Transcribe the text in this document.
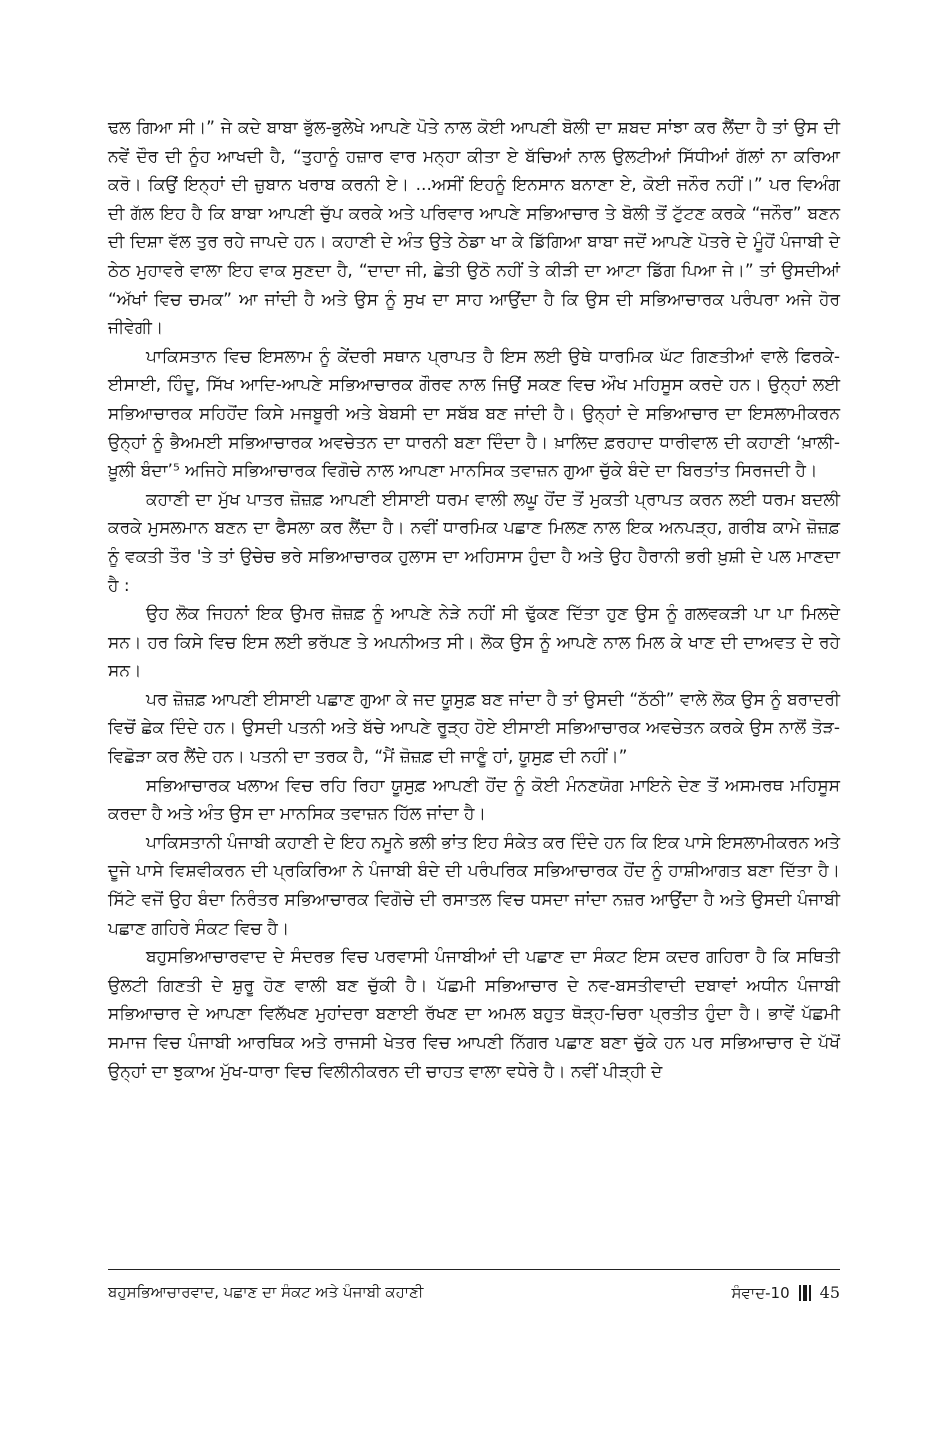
ਢਲ ਗਿਆ ਸੀ।” ਜੇ ਕਦੇ ਬਾਬਾ ਭੁੱਲ-ਭੁਲੇਖੇ ਆਪਣੇ ਪੋਤੇ ਨਾਲ ਕੋਈ ਆਪਣੀ ਬੋਲੀ ਦਾ ਸ਼ਬਦ ਸਾਂਝਾ ਕਰ ਲੈਂਦਾ ਹੈ ਤਾਂ ਉਸ ਦੀ ਨਵੇਂ ਦੌਰ ਦੀ ਨੂੰਹ ਆਖਦੀ ਹੈ, “ਤੁਹਾਨੂੰ ਹਜ਼ਾਰ ਵਾਰ ਮਨ੍ਹਾ ਕੀਤਾ ਏ ਬੱਚਿਆਂ ਨਾਲ ਉਲਟੀਆਂ ਸਿੱਧੀਆਂ ਗੱਲਾਂ ਨਾ ਕਰਿਆ ਕਰੋ। ਕਿਉਂ ਇਨ੍ਹਾਂ ਦੀ ਜ਼ੁਬਾਨ ਖਰਾਬ ਕਰਨੀ ਏ। ...ਅਸੀਂ ਇਹਨੂੰ ਇਨਸਾਨ ਬਨਾਣਾ ਏ, ਕੋਈ ਜਨੌਰ ਨਹੀਂ।” ਪਰ ਵਿਅੰਗ ਦੀ ਗੱਲ ਇਹ ਹੈ ਕਿ ਬਾਬਾ ਆਪਣੀ ਚੁੱਪ ਕਰਕੇ ਅਤੇ ਪਰਿਵਾਰ ਆਪਣੇ ਸਭਿਆਚਾਰ ਤੇ ਬੋਲੀ ਤੋਂ ਟੁੱਟਣ ਕਰਕੇ “ਜਨੌਰ” ਬਣਨ ਦੀ ਦਿਸ਼ਾ ਵੱਲ ਤੁਰ ਰਹੇ ਜਾਪਦੇ ਹਨ। ਕਹਾਣੀ ਦੇ ਅੰਤ ਉਤੇ ਠੇਡਾ ਖਾ ਕੇ ਡਿੱਗਿਆ ਬਾਬਾ ਜਦੋਂ ਆਪਣੇ ਪੋਤਰੇ ਦੇ ਮੂੰਹੋਂ ਪੰਜਾਬੀ ਦੇ ਠੇਠ ਮੁਹਾਵਰੇ ਵਾਲਾ ਇਹ ਵਾਕ ਸੁਣਦਾ ਹੈ, “ਦਾਦਾ ਜੀ, ਛੇਤੀ ਉਠੋ ਨਹੀਂ ਤੇ ਕੀੜੀ ਦਾ ਆਟਾ ਡਿੱਗ ਪਿਆ ਜੇ।” ਤਾਂ ਉਸਦੀਆਂ “ਅੱਖਾਂ ਵਿਚ ਚਮਕ” ਆ ਜਾਂਦੀ ਹੈ ਅਤੇ ਉਸ ਨੂੰ ਸੁਖ ਦਾ ਸਾਹ ਆਉਂਦਾ ਹੈ ਕਿ ਉਸ ਦੀ ਸਭਿਆਚਾਰਕ ਪਰੰਪਰਾ ਅਜੇ ਹੋਰ ਜੀਵੇਗੀ।

ਪਾਕਿਸਤਾਨ ਵਿਚ ਇਸਲਾਮ ਨੂੰ ਕੇਂਦਰੀ ਸਥਾਨ ਪ੍ਰਾਪਤ ਹੈ ਇਸ ਲਈ ਉਥੇ ਧਾਰਮਿਕ ਘੱਟ ਗਿਣਤੀਆਂ ਵਾਲੇ ਫਿਰਕੇ-ਈਸਾਈ, ਹਿੰਦੂ, ਸਿੱਖ ਆਦਿ-ਆਪਣੇ ਸਭਿਆਚਾਰਕ ਗੌਰਵ ਨਾਲ ਜਿਉਂ ਸਕਣ ਵਿਚ ਔਖ ਮਹਿਸੂਸ ਕਰਦੇ ਹਨ। ਉਨ੍ਹਾਂ ਲਈ ਸਭਿਆਚਾਰਕ ਸਹਿਹੋਂਦ ਕਿਸੇ ਮਜਬੂਰੀ ਅਤੇ ਬੇਬਸੀ ਦਾ ਸਬੱਬ ਬਣ ਜਾਂਦੀ ਹੈ। ਉਨ੍ਹਾਂ ਦੇ ਸਭਿਆਚਾਰ ਦਾ ਇਸਲਾਮੀਕਰਨ ਉਨ੍ਹਾਂ ਨੂੰ ਭੈਅਮਈ ਸਭਿਆਚਾਰਕ ਅਵਚੇਤਨ ਦਾ ਧਾਰਨੀ ਬਣਾ ਦਿੰਦਾ ਹੈ। ਖ਼ਾਲਿਦ ਫ਼ਰਹਾਦ ਧਾਰੀਵਾਲ ਦੀ ਕਹਾਣੀ ‘ਖ਼ਾਲੀ-ਖ਼ੂਲੀ ਬੰਦਾ’⁵ ਅਜਿਹੇ ਸਭਿਆਚਾਰਕ ਵਿਗੋਚੇ ਨਾਲ ਆਪਣਾ ਮਾਨਸਿਕ ਤਵਾਜ਼ਨ ਗੁਆ ਚੁੱਕੇ ਬੰਦੇ ਦਾ ਬਿਰਤਾਂਤ ਸਿਰਜਦੀ ਹੈ।

ਕਹਾਣੀ ਦਾ ਮੁੱਖ ਪਾਤਰ ਜ਼ੋਜ਼ਫ਼ ਆਪਣੀ ਈਸਾਈ ਧਰਮ ਵਾਲੀ ਲਘੂ ਹੋਂਦ ਤੋਂ ਮੁਕਤੀ ਪ੍ਰਾਪਤ ਕਰਨ ਲਈ ਧਰਮ ਬਦਲੀ ਕਰਕੇ ਮੁਸਲਮਾਨ ਬਣਨ ਦਾ ਫੈਸਲਾ ਕਰ ਲੈਂਦਾ ਹੈ। ਨਵੀਂ ਧਾਰਮਿਕ ਪਛਾਣ ਮਿਲਣ ਨਾਲ ਇਕ ਅਨਪੜ੍ਹ, ਗਰੀਬ ਕਾਮੇ ਜ਼ੋਜ਼ਫ਼ ਨੂੰ ਵਕਤੀ ਤੌਰ 'ਤੇ ਤਾਂ ਉਚੇਚ ਭਰੇ ਸਭਿਆਚਾਰਕ ਹੁਲਾਸ ਦਾ ਅਹਿਸਾਸ ਹੁੰਦਾ ਹੈ ਅਤੇ ਉਹ ਹੈਰਾਨੀ ਭਰੀ ਖ਼ੁਸ਼ੀ ਦੇ ਪਲ ਮਾਣਦਾ ਹੈ :

ਉਹ ਲੋਕ ਜਿਹਨਾਂ ਇਕ ਉਮਰ ਜ਼ੋਜ਼ਫ਼ ਨੂੰ ਆਪਣੇ ਨੇੜੇ ਨਹੀਂ ਸੀ ਢੁੱਕਣ ਦਿੱਤਾ ਹੁਣ ਉਸ ਨੂੰ ਗਲਵਕੜੀ ਪਾ ਪਾ ਮਿਲਦੇ ਸਨ। ਹਰ ਕਿਸੇ ਵਿਚ ਇਸ ਲਈ ਭਰੱਪਣ ਤੇ ਅਪਨੀਅਤ ਸੀ। ਲੋਕ ਉਸ ਨੂੰ ਆਪਣੇ ਨਾਲ ਮਿਲ ਕੇ ਖਾਣ ਦੀ ਦਾਅਵਤ ਦੇ ਰਹੇ ਸਨ।

ਪਰ ਜ਼ੋਜ਼ਫ਼ ਆਪਣੀ ਈਸਾਈ ਪਛਾਣ ਗੁਆ ਕੇ ਜਦ ਯੂਸੁਫ਼ ਬਣ ਜਾਂਦਾ ਹੈ ਤਾਂ ਉਸਦੀ “ਠੱਠੀ” ਵਾਲੇ ਲੋਕ ਉਸ ਨੂੰ ਬਰਾਦਰੀ ਵਿਚੋਂ ਛੇਕ ਦਿੰਦੇ ਹਨ। ਉਸਦੀ ਪਤਨੀ ਅਤੇ ਬੱਚੇ ਆਪਣੇ ਰੂੜ੍ਹ ਹੋਏ ਈਸਾਈ ਸਭਿਆਚਾਰਕ ਅਵਚੇਤਨ ਕਰਕੇ ਉਸ ਨਾਲੋਂ ਤੋੜ-ਵਿਛੋੜਾ ਕਰ ਲੈਂਦੇ ਹਨ। ਪਤਨੀ ਦਾ ਤਰਕ ਹੈ, “ਮੈਂ ਜ਼ੋਜ਼ਫ਼ ਦੀ ਜਾਣੂੰ ਹਾਂ, ਯੂਸੁਫ਼ ਦੀ ਨਹੀਂ।”

ਸਭਿਆਚਾਰਕ ਖਲਾਅ ਵਿਚ ਰਹਿ ਰਿਹਾ ਯੂਸੁਫ਼ ਆਪਣੀ ਹੋਂਦ ਨੂੰ ਕੋਈ ਮੰਨਣਯੋਗ ਮਾਇਨੇ ਦੇਣ ਤੋਂ ਅਸਮਰਥ ਮਹਿਸੂਸ ਕਰਦਾ ਹੈ ਅਤੇ ਅੰਤ ਉਸ ਦਾ ਮਾਨਸਿਕ ਤਵਾਜ਼ਨ ਹਿੱਲ ਜਾਂਦਾ ਹੈ।

ਪਾਕਿਸਤਾਨੀ ਪੰਜਾਬੀ ਕਹਾਣੀ ਦੇ ਇਹ ਨਮੂਨੇ ਭਲੀ ਭਾਂਤ ਇਹ ਸੰਕੇਤ ਕਰ ਦਿੰਦੇ ਹਨ ਕਿ ਇਕ ਪਾਸੇ ਇਸਲਾਮੀਕਰਨ ਅਤੇ ਦੂਜੇ ਪਾਸੇ ਵਿਸ਼ਵੀਕਰਨ ਦੀ ਪ੍ਰਕਿਰਿਆ ਨੇ ਪੰਜਾਬੀ ਬੰਦੇ ਦੀ ਪਰੰਪਰਿਕ ਸਭਿਆਚਾਰਕ ਹੋਂਦ ਨੂੰ ਹਾਸ਼ੀਆਗਤ ਬਣਾ ਦਿੱਤਾ ਹੈ। ਸਿੱਟੇ ਵਜੋਂ ਉਹ ਬੰਦਾ ਨਿਰੰਤਰ ਸਭਿਆਚਾਰਕ ਵਿਗੋਚੇ ਦੀ ਰਸਾਤਲ ਵਿਚ ਧਸਦਾ ਜਾਂਦਾ ਨਜ਼ਰ ਆਉਂਦਾ ਹੈ ਅਤੇ ਉਸਦੀ ਪੰਜਾਬੀ ਪਛਾਣ ਗਹਿਰੇ ਸੰਕਟ ਵਿਚ ਹੈ।

ਬਹੁਸਭਿਆਚਾਰਵਾਦ ਦੇ ਸੰਦਰਭ ਵਿਚ ਪਰਵਾਸੀ ਪੰਜਾਬੀਆਂ ਦੀ ਪਛਾਣ ਦਾ ਸੰਕਟ ਇਸ ਕਦਰ ਗਹਿਰਾ ਹੈ ਕਿ ਸਥਿਤੀ ਉਲਟੀ ਗਿਣਤੀ ਦੇ ਸ਼ੁਰੂ ਹੋਣ ਵਾਲੀ ਬਣ ਚੁੱਕੀ ਹੈ। ਪੱਛਮੀ ਸਭਿਆਚਾਰ ਦੇ ਨਵ-ਬਸਤੀਵਾਦੀ ਦਬਾਵਾਂ ਅਧੀਨ ਪੰਜਾਬੀ ਸਭਿਆਚਾਰ ਦੇ ਆਪਣਾ ਵਿਲੱਖਣ ਮੁਹਾਂਦਰਾ ਬਣਾਈ ਰੱਖਣ ਦਾ ਅਮਲ ਬਹੁਤ ਥੋੜ੍ਹ-ਚਿਰਾ ਪ੍ਰਤੀਤ ਹੁੰਦਾ ਹੈ। ਭਾਵੇਂ ਪੱਛਮੀ ਸਮਾਜ ਵਿਚ ਪੰਜਾਬੀ ਆਰਥਿਕ ਅਤੇ ਰਾਜਸੀ ਖੇਤਰ ਵਿਚ ਆਪਣੀ ਨਿੱਗਰ ਪਛਾਣ ਬਣਾ ਚੁੱਕੇ ਹਨ ਪਰ ਸਭਿਆਚਾਰ ਦੇ ਪੱਖੋਂ ਉਨ੍ਹਾਂ ਦਾ ਝੁਕਾਅ ਮੁੱਖ-ਧਾਰਾ ਵਿਚ ਵਿਲੀਨੀਕਰਨ ਦੀ ਚਾਹਤ ਵਾਲਾ ਵਧੇਰੇ ਹੈ। ਨਵੀਂ ਪੀੜ੍ਹੀ ਦੇ

ਬਹੁਸਭਿਆਚਾਰਵਾਦ, ਪਛਾਣ ਦਾ ਸੰਕਟ ਅਤੇ ਪੰਜਾਬੀ ਕਹਾਣੀ	ਸੰਵਾਦ-10 45
